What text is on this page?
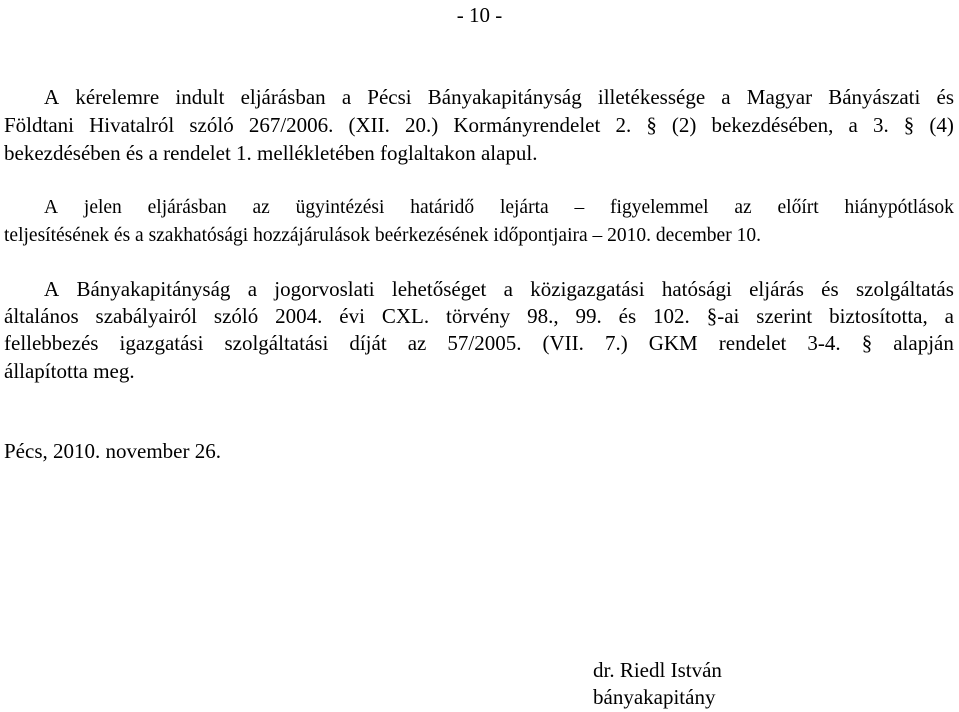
- 10 -
A kérelemre indult eljárásban a Pécsi Bányakapitányság illetékessége a Magyar Bányászati és
Földtani Hivatalról szóló 267/2006. (XII. 20.) Kormányrendelet 2. § (2) bekezdésében, a 3. § (4)
bekezdésében és a rendelet 1. mellékletében foglaltakon alapul.
A jelen eljárásban az ügyintézési határidő lejárta – figyelemmel az előírt hiánypótlások
teljesítésének és a szakhatósági hozzájárulások beérkezésének időpontjaira – 2010. december 10.
A Bányakapitányság a jogorvoslati lehetőséget a közigazgatási hatósági eljárás és szolgáltatás
általános szabályairól szóló 2004. évi CXL. törvény 98., 99. és 102. §-ai szerint biztosította, a
fellebbezés igazgatási szolgáltatási díját az 57/2005. (VII. 7.) GKM rendelet 3-4. § alapján
állapította meg.
Pécs, 2010. november 26.
dr. Riedl István
bányakapitány
